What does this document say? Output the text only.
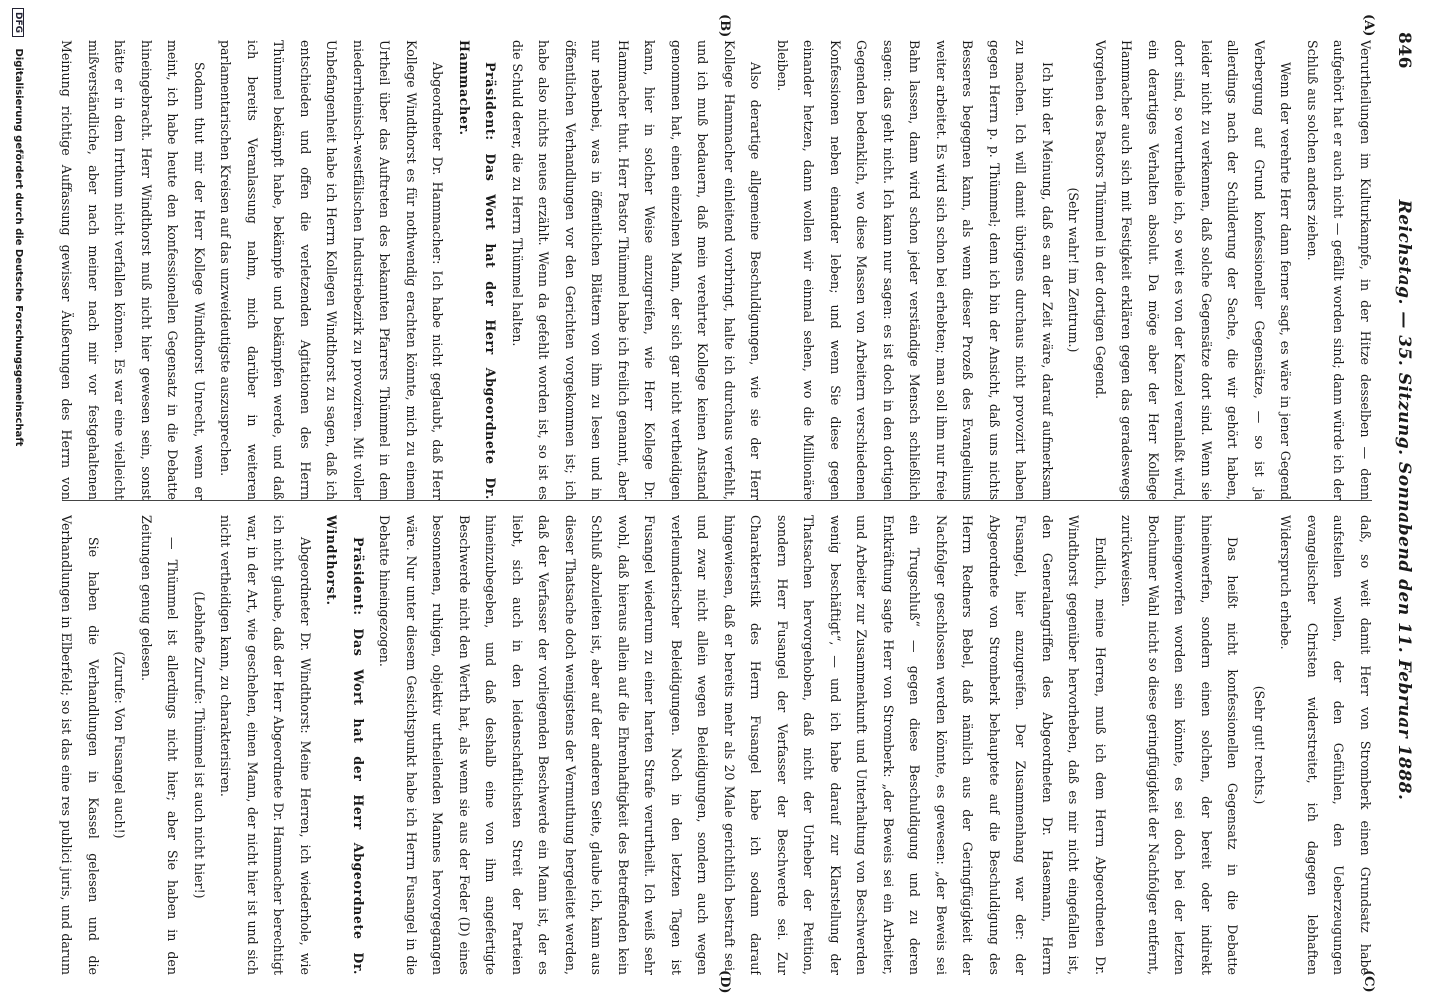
846
Reichstag. — 35. Sitzung. Sonnabend den 11. Februar 1888.
(A)
(B)
(C)
(D)

Verurtheilungen im Kulturkampfe, in der Hitze desselben — denn aufgehört hat er auch nicht — gefällt worden sind; dann würde ich der Schluß aus solchen anders ziehen.

Wenn der verehrte Herr dann ferner sagt, es wäre in jener Gegend Verbergung auf Grund konfessioneller Gegensätze, — so ist ja allerdings nach der Schilderung der Sache, die wir gehört haben, leider nicht zu verkennen, daß solche Gegensätze dort sind. Wenn sie dort sind, so verurtheile ich, so weit es von der Kanzel veranlaßt wird, ein derartiges Verhalten absolut. Da möge aber der Herr Kollege Hammacher auch sich mit Festigkeit erklären gegen das geradeswegs Vorgehen des Pastors Thümmel in der dortigen Gegend.

(Sehr wahr! im Zentrum.)

Ich bin der Meinung, daß es an der Zeit wäre, darauf aufmerksam zu machen. Ich will damit übrigens durchaus nicht provozirt haben gegen Herrn p. p. Thümmel; denn ich bin der Ansicht, daß uns nichts Besseres begegnen kann, als wenn dieser Prozeß des Evangeliums weiter arbeitet. Es wird sich schon bei erhebten; man soll ihm nur freie Bahn lassen, dann wird schon jeder verständige Mensch schließlich sagen: das geht nicht. Ich kann nur sagen: es ist doch in den dortigen Gegenden bedenklich, wo diese Massen von Arbeitern verschiedenen Konfessionen neben einander leben; und wenn Sie diese gegen einander hetzen, dann wollen wir einmal sehen, wo die Millionäre bleiben.

Also derartige allgemeine Beschuldigungen, wie sie der Herr Kollege Hammacher einleitend vorbringt, halte ich durchaus verfehlt, und ich muß bedauern, daß mein verehrter Kollege keinen Anstand genommen hat, einen einzelnen Mann, der sich gar nicht vertheidigen kann, hier in solcher Weise anzugreifen, wie Herr Kollege Dr. Hammacher thut. Herr Pastor Thümmel habe ich freilich genannt, aber nur nebenbei, was in öffentlichen Blättern von ihm zu lesen und in öffentlichen Verhandlungen vor den Gerichten vorgekommen ist; ich habe also nichts neues erzählt. Wenn da gefehlt worden ist, so ist es die Schuld derer, die zu Herrn Thümmel halten.

Präsident: Das Wort hat der Herr Abgeordnete Dr. Hammacher.

Abgeordneter Dr. Hammacher: Ich habe nicht geglaubt, daß Herr Kollege Windthorst es für nothwendig erachten könnte, mich zu einem Urtheil über das Auftreten des bekannten Pfarrers Thümmel in dem niederrheinisch-westfälischen Industriebezirk zu provoziren. Mit voller Unbefangenheit habe ich Herrn Kollegen Windthorst zu sagen, daß ich entschieden und offen die verletzenden Agitationen des Herrn Thümmel bekämpft habe, bekämpfe und bekämpfen werde, und daß ich bereits Veranlassung nahm, mich darüber in weiteren parlamentarischen Kreisen auf das unzweideutigste auszusprechen.

Sodann thut mir der Herr Kollege Windthorst Unrecht, wenn er meint, ich habe heute den konfessionellen Gegensatz in die Debatte hineingebracht. Herr Windthorst muß nicht hier gewesen sein, sonst hätte er in dem Irrthum nicht verfallen können. Es war eine vielleicht mißverständliche, aber nach meiner nach mir vor festgehaltenen Meinung richtige Auffassung gewisser Äußerungen des Herrn von

daß, so weit damit Herr von Stromberk einen Grundsatz habe aufstellen wollen, der den Gefühlen, den Ueberzeugungen evangelischer Christen widerstreitet, ich dagegen lebhaften Widerspruch erhebe.

(Sehr gut! rechts.)

Das heißt nicht konfessionellen Gegensatz in die Debatte hineinwerfen, sondern einen solchen, der bereit oder indirekt hineingeworfen worden sein könnte, es sei doch bei der letzten Bochumer Wahl nicht so diese geringfügigkeit der Nachfolger entfernt, zurückweisen.

Endlich, meine Herren, muß ich dem Herrn Abgeordneten Dr. Windthorst gegenüber hervorheben, daß es mir nicht eingefallen ist, den Generalangriffen des Abgeordneten Dr. Hasemann, Herrn Fusangel, hier anzugreifen. Der Zusammenhang war der: der Abgeordnete von Stromberk behauptete auf die Beschuldigung des Herrn Redners Bebel, daß nämlich aus der Geringfügigkeit der Nachfolger geschlossen werden könnte, es gewesen: „der Beweis sei ein Trugschluß“ — gegen diese Beschuldigung und zu deren Entkräftung sagte Herr von Stromberk: „der Beweis sei ein Arbeiter, und Arbeiter zur Zusammenkunft und Unterhaltung von Beschwerden wenig beschäftigt“, — und ich habe darauf zur Klarstellung der Thatsachen hervorgehoben, daß nicht der Urheber der Petition, sondern Herr Fusangel der Verfasser der Beschwerde sei. Zur Charakteristik des Herrn Fusangel habe ich sodann darauf hingewiesen, daß er bereits mehr als 20 Male gerichtlich bestraft sei, und zwar nicht allein wegen Beleidigungen, sondern auch wegen verleumderischer Beleidigungen. Noch in den letzten Tagen ist Fusangel wiederum zu einer harten Strafe verurtheilt. Ich weiß sehr wohl, daß hieraus allein auf die Ehrenhaftigkeit des Betreffenden kein Schluß abzuleiten ist, aber auf der anderen Seite, glaube ich, kann aus dieser Thatsache doch wenigstens der Vermuthung hergeleitet werden, daß der Verfasser der vorliegenden Beschwerde ein Mann ist, der es liebt, sich auch in den leidenschaftlichsten Streit der Parteien hineinzubegeben, und daß deshalb eine von ihm angefertigte Beschwerde nicht den Werth hat, als wenn sie aus der Feder (D) eines besonnenen, ruhigen, objektiv urtheilenden Mannes hervorgegangen wäre. Nur unter diesem Gesichtspunkt habe ich Herrn Fusangel in die Debatte hineingezogen.

Präsident: Das Wort hat der Herr Abgeordnete Dr. Windthorst.

Abgeordneter Dr. Windthorst: Meine Herren, ich wiederhole, wie ich nicht glaube, daß der Herr Abgeordnete Dr. Hammacher berechtigt war, in der Art, wie geschehen, einen Mann, der nicht hier ist und sich nicht vertheidigen kann, zu charakterisiren.

(Lebhafte Zurufe: Thümmel ist auch nicht hier!)

— Thümmel ist allerdings nicht hier; aber Sie haben in den Zeitungen genug gelesen.

(Zurufe: Von Fusangel auch!)

Sie haben die Verhandlungen in Kassel gelesen und die Verhandlungen in Elberfeld; so ist das eine res publici juris, und darum

DFG Digitalisierung gefördert durch die Deutsche Forschungsgemeinschaft
